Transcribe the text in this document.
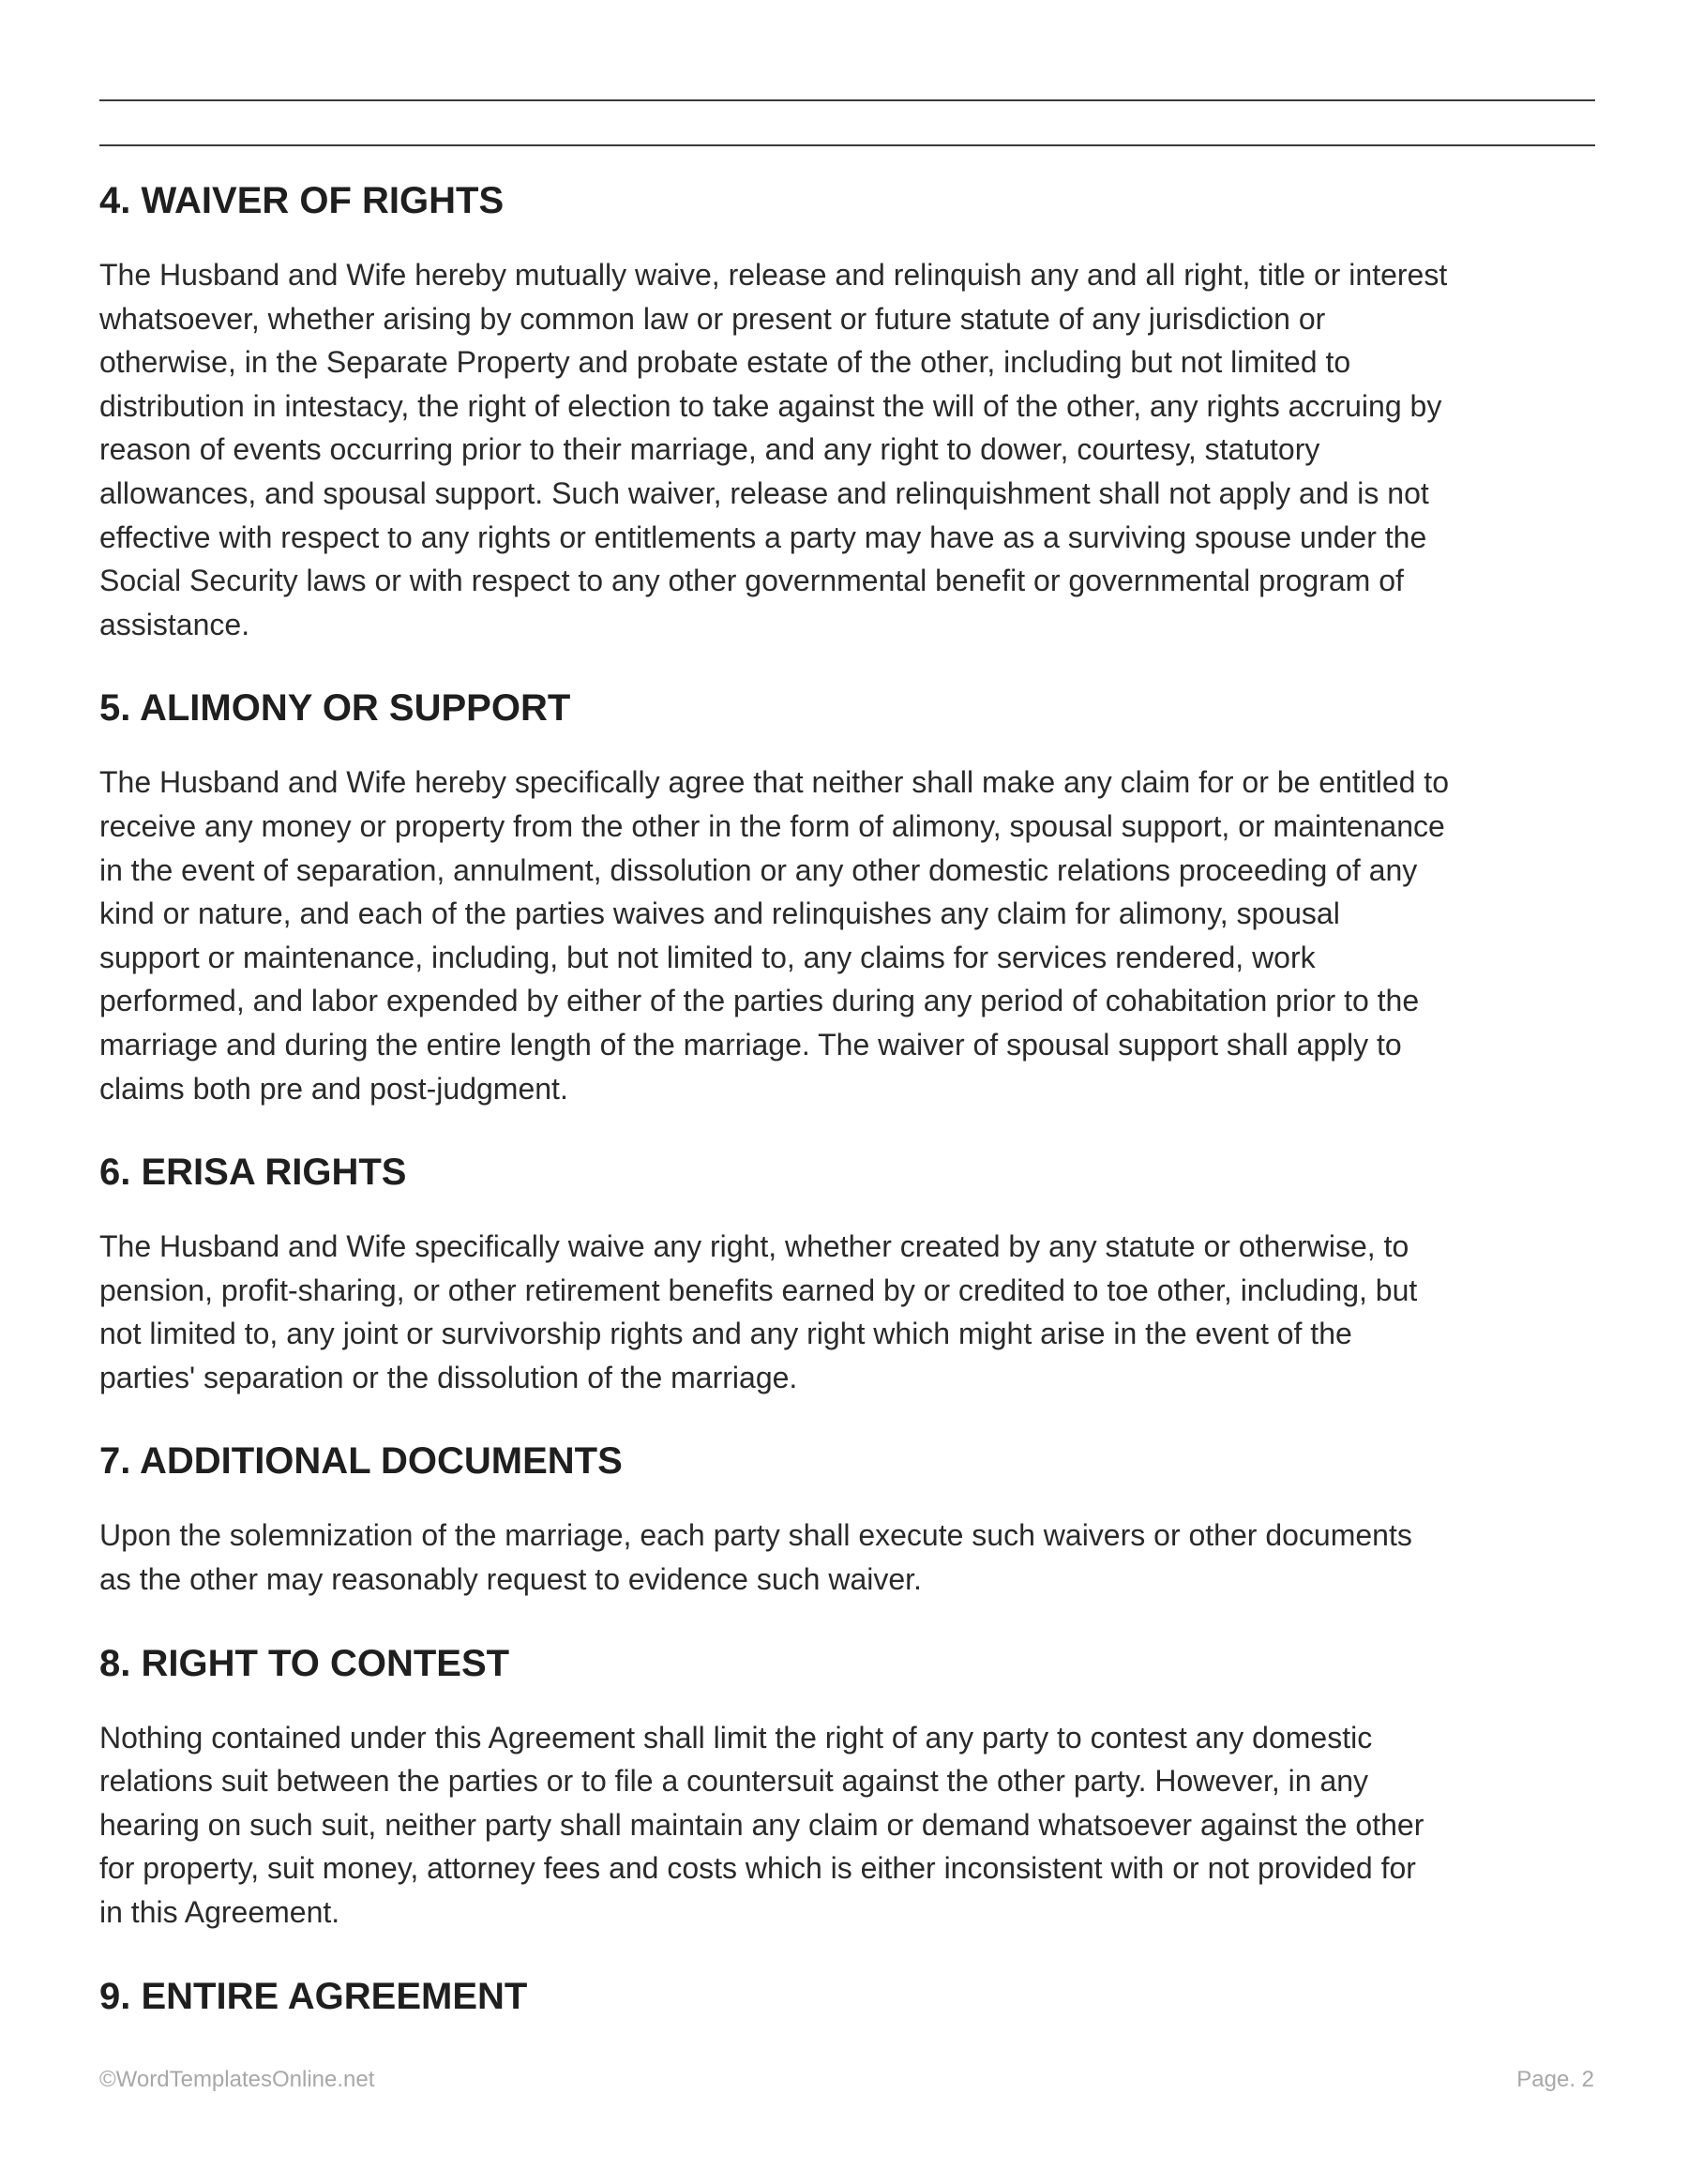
4. WAIVER OF RIGHTS

The Husband and Wife hereby mutually waive, release and relinquish any and all right, title or interest
whatsoever, whether arising by common law or present or future statute of any jurisdiction or
otherwise, in the Separate Property and probate estate of the other, including but not limited to
distribution in intestacy, the right of election to take against the will of the other, any rights accruing by
reason of events occurring prior to their marriage, and any right to dower, courtesy, statutory
allowances, and spousal support. Such waiver, release and relinquishment shall not apply and is not
effective with respect to any rights or entitlements a party may have as a surviving spouse under the
Social Security laws or with respect to any other governmental benefit or governmental program of
assistance.

5. ALIMONY OR SUPPORT

The Husband and Wife hereby specifically agree that neither shall make any claim for or be entitled to
receive any money or property from the other in the form of alimony, spousal support, or maintenance
in the event of separation, annulment, dissolution or any other domestic relations proceeding of any
kind or nature, and each of the parties waives and relinquishes any claim for alimony, spousal
support or maintenance, including, but not limited to, any claims for services rendered, work
performed, and labor expended by either of the parties during any period of cohabitation prior to the
marriage and during the entire length of the marriage. The waiver of spousal support shall apply to
claims both pre and post-judgment.

6. ERISA RIGHTS

The Husband and Wife specifically waive any right, whether created by any statute or otherwise, to
pension, profit-sharing, or other retirement benefits earned by or credited to toe other, including, but
not limited to, any joint or survivorship rights and any right which might arise in the event of the
parties' separation or the dissolution of the marriage.

7. ADDITIONAL DOCUMENTS

Upon the solemnization of the marriage, each party shall execute such waivers or other documents
as the other may reasonably request to evidence such waiver.

8. RIGHT TO CONTEST

Nothing contained under this Agreement shall limit the right of any party to contest any domestic
relations suit between the parties or to file a countersuit against the other party. However, in any
hearing on such suit, neither party shall maintain any claim or demand whatsoever against the other
for property, suit money, attorney fees and costs which is either inconsistent with or not provided for
in this Agreement.

9. ENTIRE AGREEMENT
©WordTemplatesOnline.net	Page. 2
